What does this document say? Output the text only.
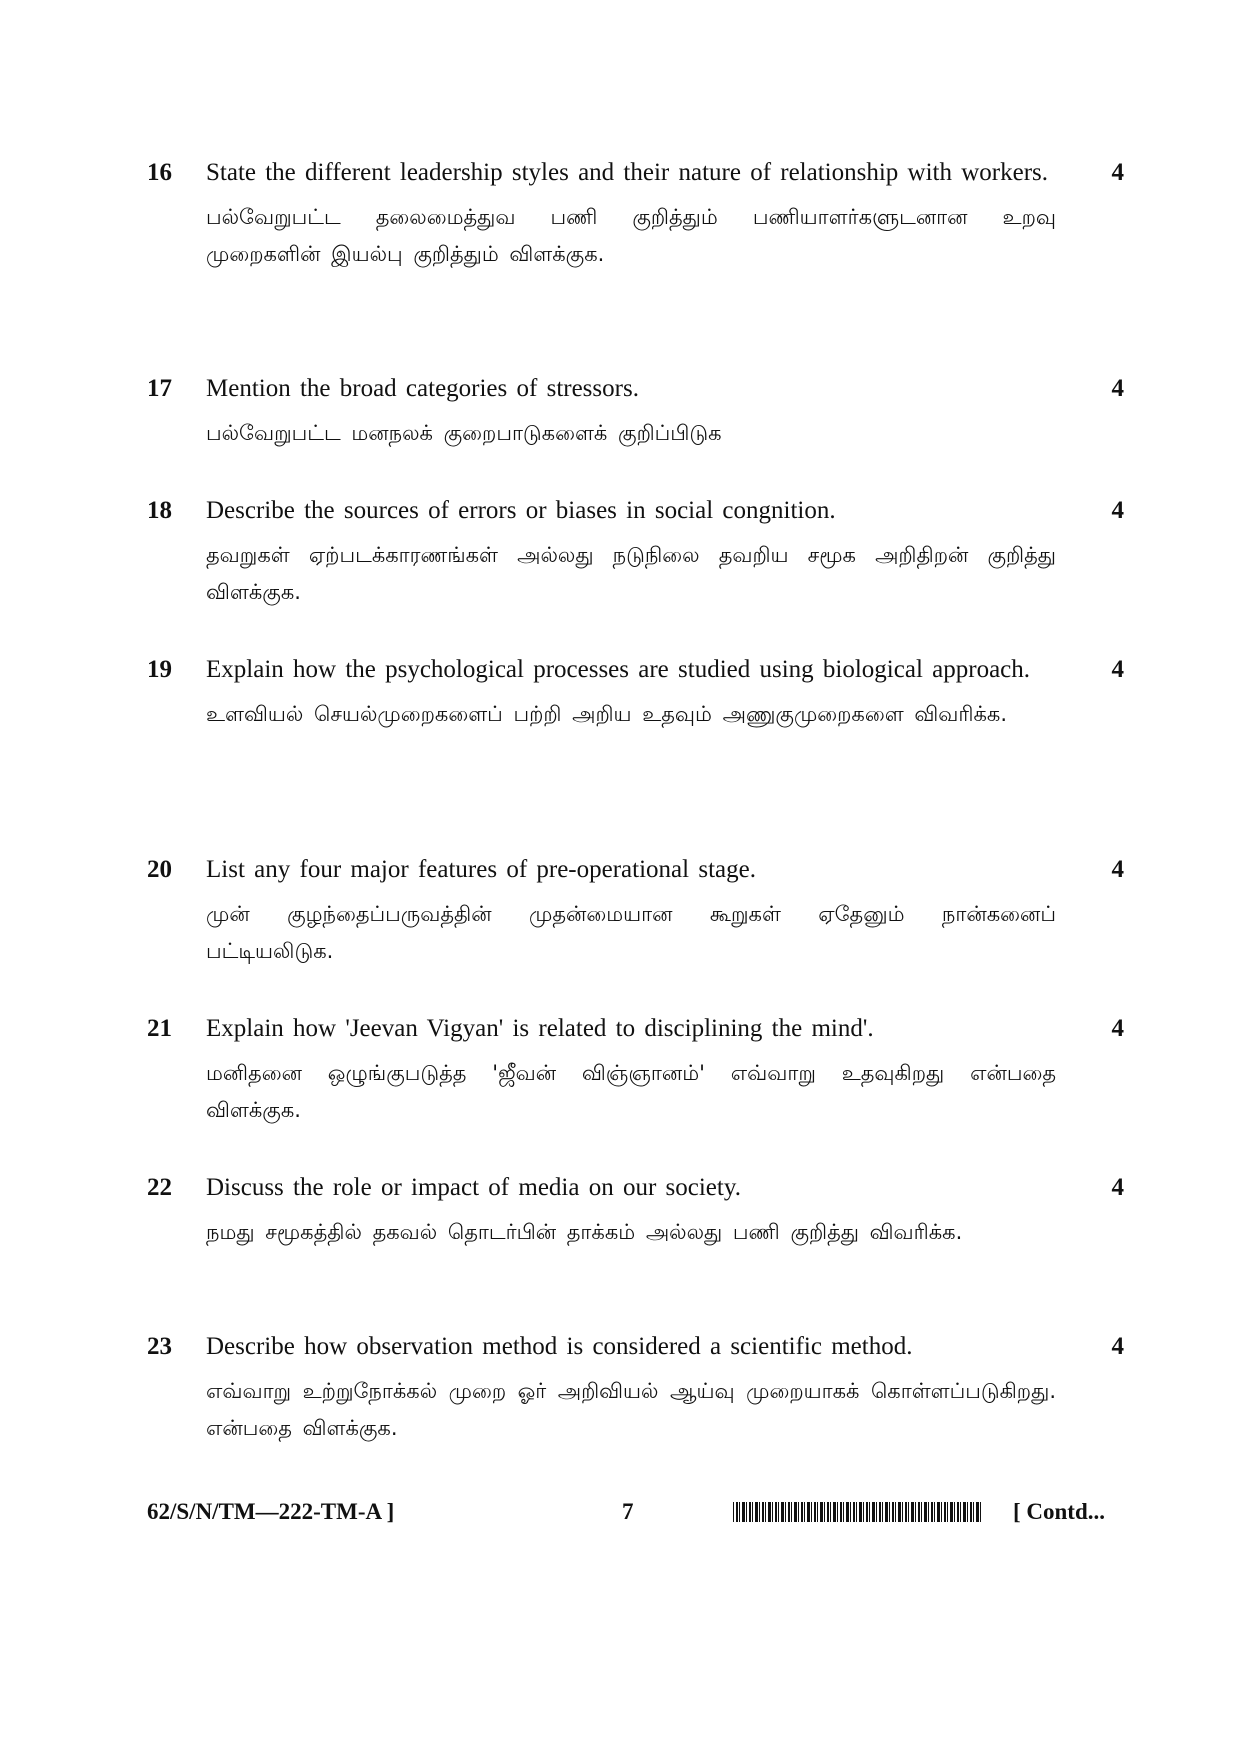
16 State the different leadership styles and their nature of relationship with workers.

பல்வேறுபட்ட தலைமைத்துவ பணி குறித்தும் பணியாளர்களுடனான உறவு முறைகளின் இயல்பு குறித்தும் விளக்குக.

4
17 Mention the broad categories of stressors.

பல்வேறுபட்ட மனநலக் குறைபாடுகளைக் குறிப்பிடுக

4
18 Describe the sources of errors or biases in social congnition.

தவறுகள் ஏற்படக்காரணங்கள் அல்லது நடுநிலை தவறிய சமூக அறிதிறன் குறித்து விளக்குக.

4
19 Explain how the psychological processes are studied using biological approach.

உளவியல் செயல்முறைகளைப் பற்றி அறிய உதவும் அணுகுமுறைகளை விவரிக்க.

4
20 List any four major features of pre-operational stage.

முன் குழந்தைப்பருவத்தின் முதன்மையான கூறுகள் ஏதேனும் நான்கனைப் பட்டியலிடுக.

4
21 Explain how 'Jeevan Vigyan' is related to disciplining the mind'.

மனிதனை ஒழுங்குபடுத்த 'ஜீவன் விஞ்ஞானம்' எவ்வாறு உதவுகிறது என்பதை விளக்குக.

4
22 Discuss the role or impact of media on our society.

நமது சமூகத்தில் தகவல் தொடர்பின் தாக்கம் அல்லது பணி குறித்து விவரிக்க.

4
23 Describe how observation method is considered a scientific method.

எவ்வாறு உற்றுநோக்கல் முறை ஓர் அறிவியல் ஆய்வு முறையாகக் கொள்ளப்படுகிறது. என்பதை விளக்குக.

4
62/S/N/TM—222-TM-A ]	7	[ Contd...
